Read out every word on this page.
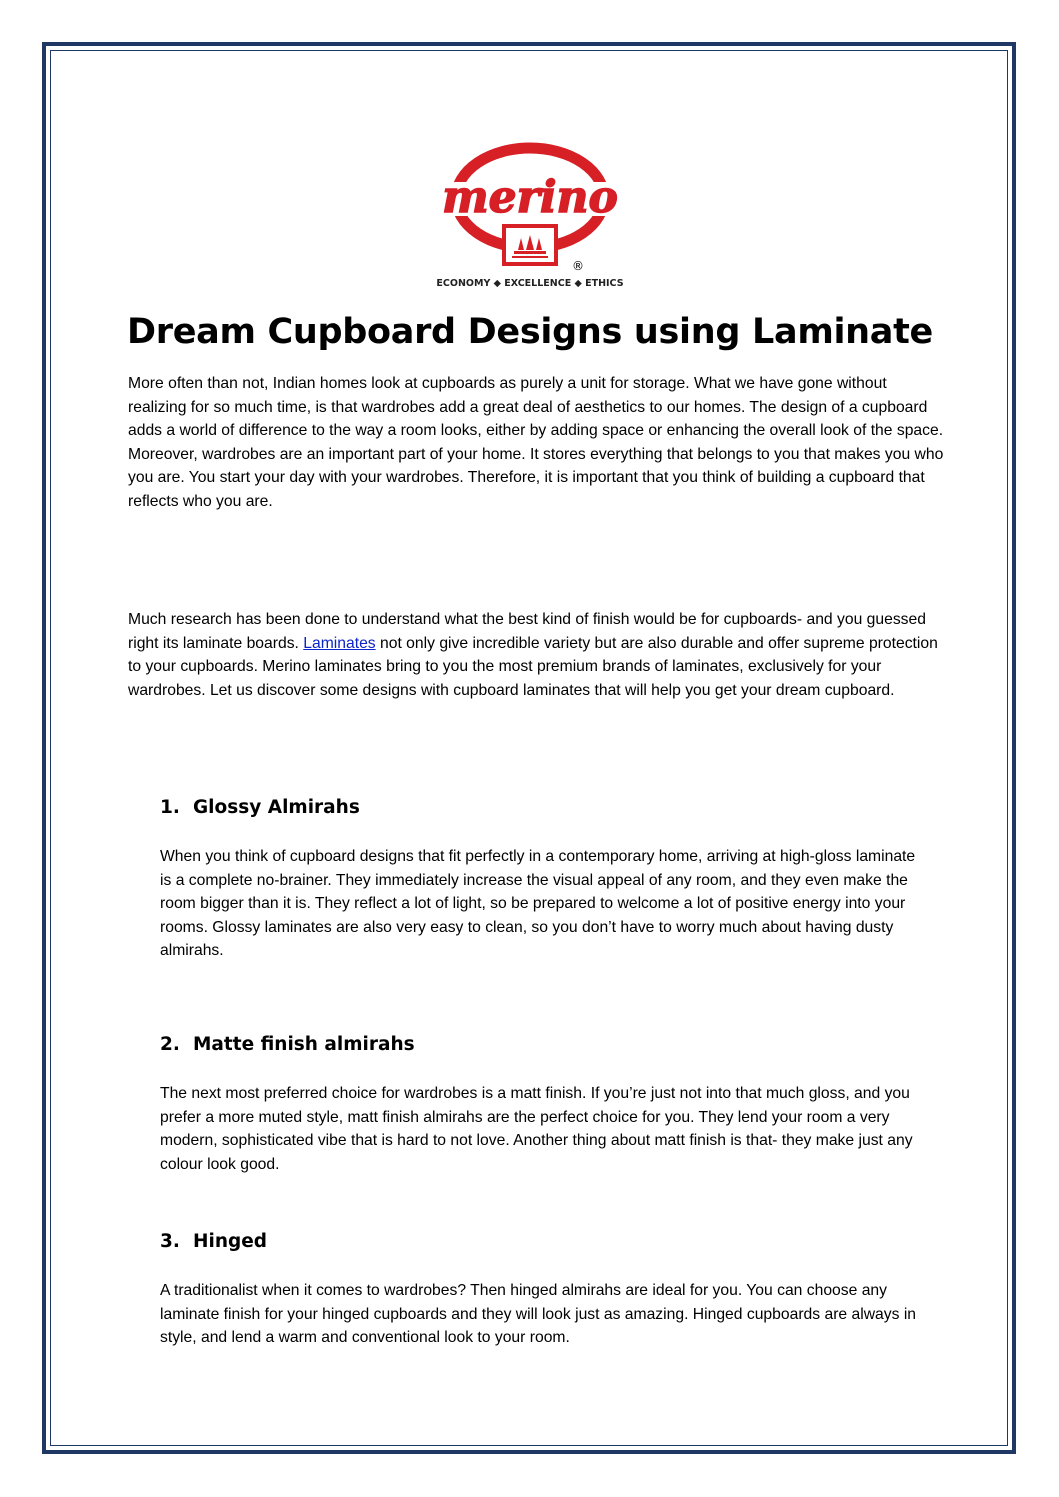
merino
®
ECONOMY ◆ EXCELLENCE ◆ ETHICS
Dream Cupboard Designs using Laminate

More often than not, Indian homes look at cupboards as purely a unit for storage. What we have gone without realizing for so much time, is that wardrobes add a great deal of aesthetics to our homes. The design of a cupboard adds a world of difference to the way a room looks, either by adding space or enhancing the overall look of the space. Moreover, wardrobes are an important part of your home. It stores everything that belongs to you that makes you who you are. You start your day with your wardrobes. Therefore, it is important that you think of building a cupboard that reflects who you are.

Much research has been done to understand what the best kind of finish would be for cupboards- and you guessed right its laminate boards. Laminates not only give incredible variety but are also durable and offer supreme protection to your cupboards. Merino laminates bring to you the most premium brands of laminates, exclusively for your wardrobes. Let us discover some designs with cupboard laminates that will help you get your dream cupboard.

1. Glossy Almirahs

When you think of cupboard designs that fit perfectly in a contemporary home, arriving at high-gloss laminate is a complete no-brainer. They immediately increase the visual appeal of any room, and they even make the room bigger than it is. They reflect a lot of light, so be prepared to welcome a lot of positive energy into your rooms. Glossy laminates are also very easy to clean, so you don’t have to worry much about having dusty almirahs.

2. Matte finish almirahs

The next most preferred choice for wardrobes is a matt finish. If you’re just not into that much gloss, and you prefer a more muted style, matt finish almirahs are the perfect choice for you. They lend your room a very modern, sophisticated vibe that is hard to not love. Another thing about matt finish is that- they make just any colour look good.

3. Hinged

A traditionalist when it comes to wardrobes? Then hinged almirahs are ideal for you. You can choose any laminate finish for your hinged cupboards and they will look just as amazing. Hinged cupboards are always in style, and lend a warm and conventional look to your room.
